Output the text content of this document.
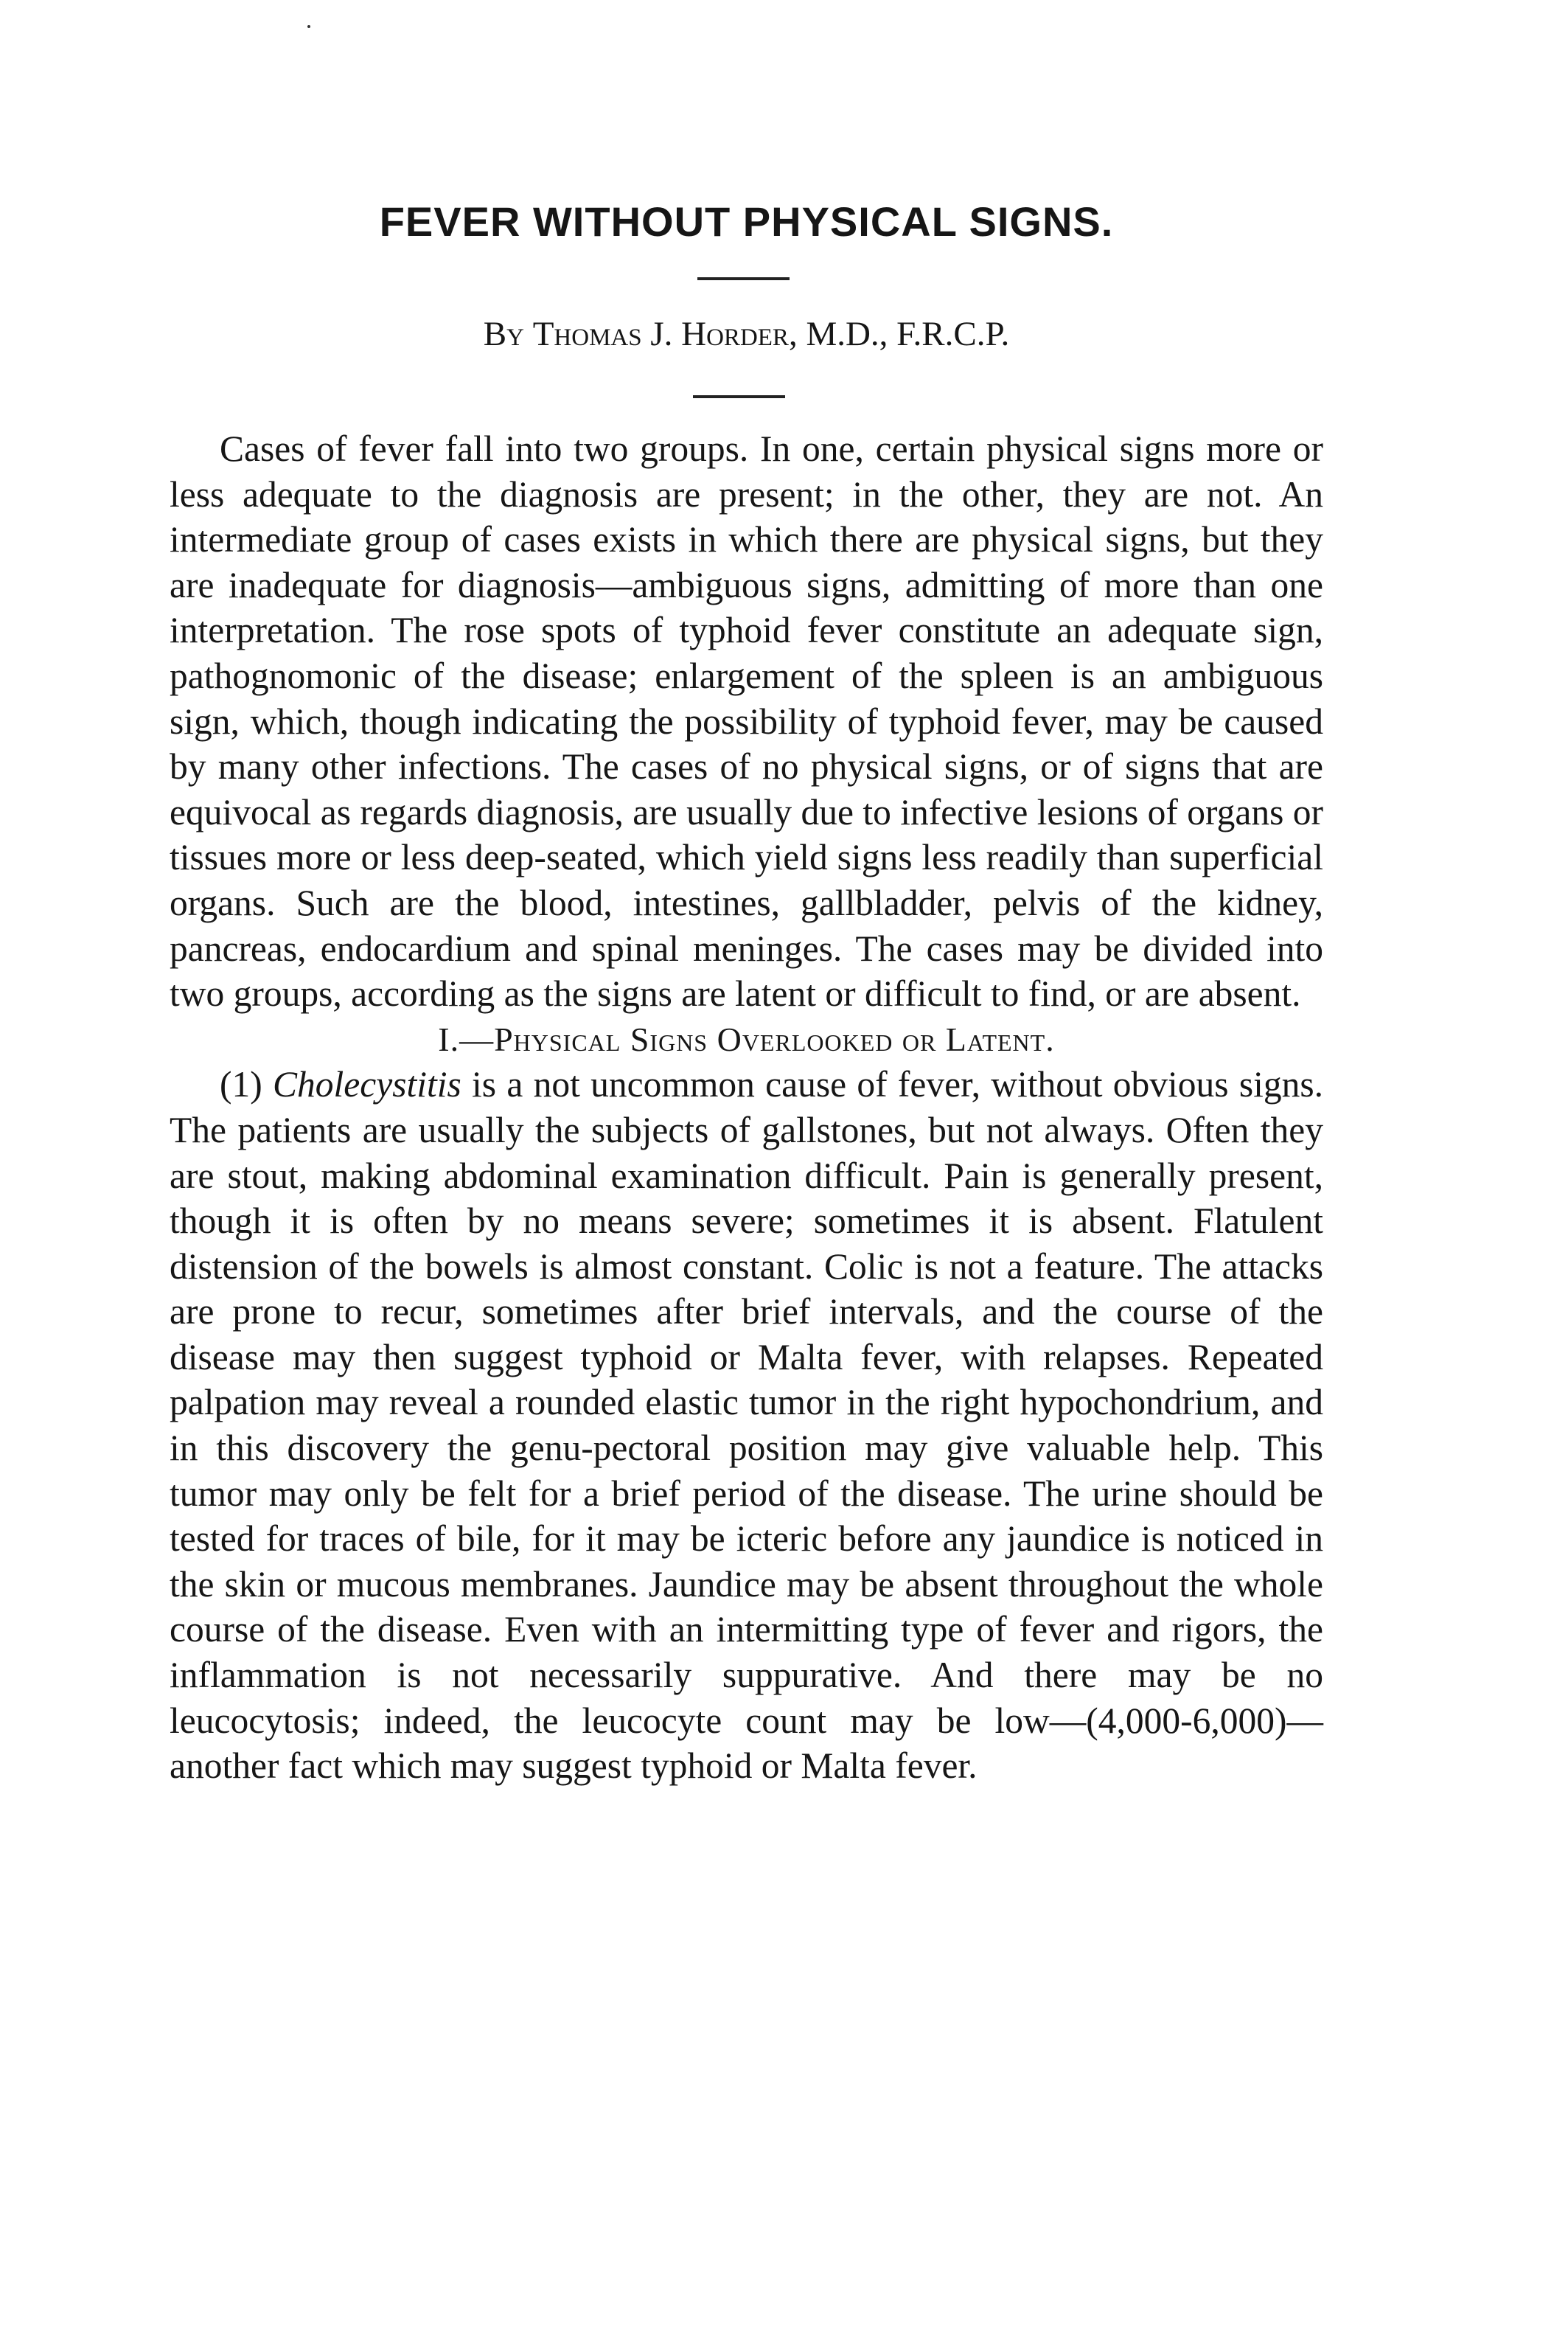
FEVER WITHOUT PHYSICAL SIGNS.

By Thomas J. Horder, M.D., F.R.C.P.

Cases of fever fall into two groups. In one, certain physical signs more or less adequate to the diagnosis are present; in the other, they are not. An intermediate group of cases exists in which there are physical signs, but they are inadequate for diagnosis—ambiguous signs, admitting of more than one interpretation. The rose spots of typhoid fever constitute an adequate sign, pathognomonic of the disease; enlargement of the spleen is an ambiguous sign, which, though indicating the possibility of typhoid fever, may be caused by many other infections. The cases of no physical signs, or of signs that are equivocal as regards diagnosis, are usually due to infective lesions of organs or tissues more or less deep-seated, which yield signs less readily than superficial organs. Such are the blood, intestines, gallbladder, pelvis of the kidney, pancreas, endocardium and spinal meninges. The cases may be divided into two groups, according as the signs are latent or difficult to find, or are absent.

I.—Physical Signs Overlooked or Latent.

(1) Cholecystitis is a not uncommon cause of fever, without obvious signs. The patients are usually the subjects of gallstones, but not always. Often they are stout, making abdominal examination difficult. Pain is generally present, though it is often by no means severe; sometimes it is absent. Flatulent distension of the bowels is almost constant. Colic is not a feature. The attacks are prone to recur, sometimes after brief intervals, and the course of the disease may then suggest typhoid or Malta fever, with relapses. Repeated palpation may reveal a rounded elastic tumor in the right hypochondrium, and in this discovery the genu-pectoral position may give valuable help. This tumor may only be felt for a brief period of the disease. The urine should be tested for traces of bile, for it may be icteric before any jaundice is noticed in the skin or mucous membranes. Jaundice may be absent throughout the whole course of the disease. Even with an intermitting type of fever and rigors, the inflammation is not necessarily suppurative. And there may be no leucocytosis; indeed, the leucocyte count may be low—(4,000-6,000)—another fact which may suggest typhoid or Malta fever.
